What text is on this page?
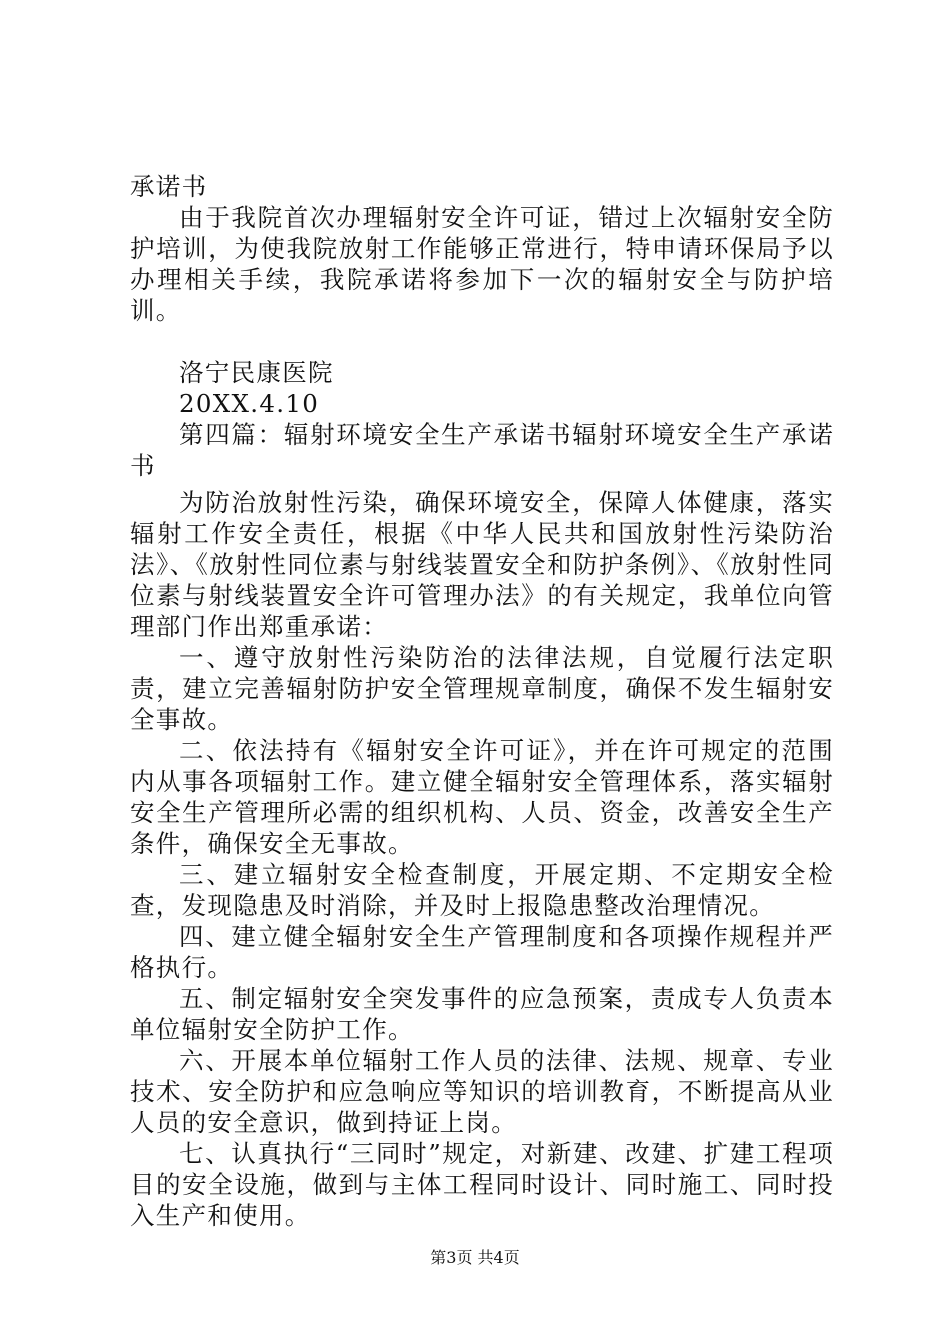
承诺书

由于我院首次办理辐射安全许可证，错过上次辐射安全防护培训，为使我院放射工作能够正常进行，特申请环保局予以办理相关手续，我院承诺将参加下一次的辐射安全与防护培训。

洛宁民康医院

20XX.4.10

第四篇：辐射环境安全生产承诺书辐射环境安全生产承诺书

为防治放射性污染，确保环境安全，保障人体健康，落实辐射工作安全责任，根据《中华人民共和国放射性污染防治法》、《放射性同位素与射线装置安全和防护条例》、《放射性同位素与射线装置安全许可管理办法》的有关规定，我单位向管理部门作出郑重承诺：

一、遵守放射性污染防治的法律法规，自觉履行法定职责，建立完善辐射防护安全管理规章制度，确保不发生辐射安全事故。

二、依法持有《辐射安全许可证》，并在许可规定的范围内从事各项辐射工作。建立健全辐射安全管理体系，落实辐射安全生产管理所必需的组织机构、人员、资金，改善安全生产条件，确保安全无事故。

三、建立辐射安全检查制度，开展定期、不定期安全检查，发现隐患及时消除，并及时上报隐患整改治理情况。

四、建立健全辐射安全生产管理制度和各项操作规程并严格执行。

五、制定辐射安全突发事件的应急预案，责成专人负责本单位辐射安全防护工作。

六、开展本单位辐射工作人员的法律、法规、规章、专业技术、安全防护和应急响应等知识的培训教育，不断提高从业人员的安全意识，做到持证上岗。

七、认真执行“三同时”规定，对新建、改建、扩建工程项目的安全设施，做到与主体工程同时设计、同时施工、同时投入生产和使用。

第3页 共4页
